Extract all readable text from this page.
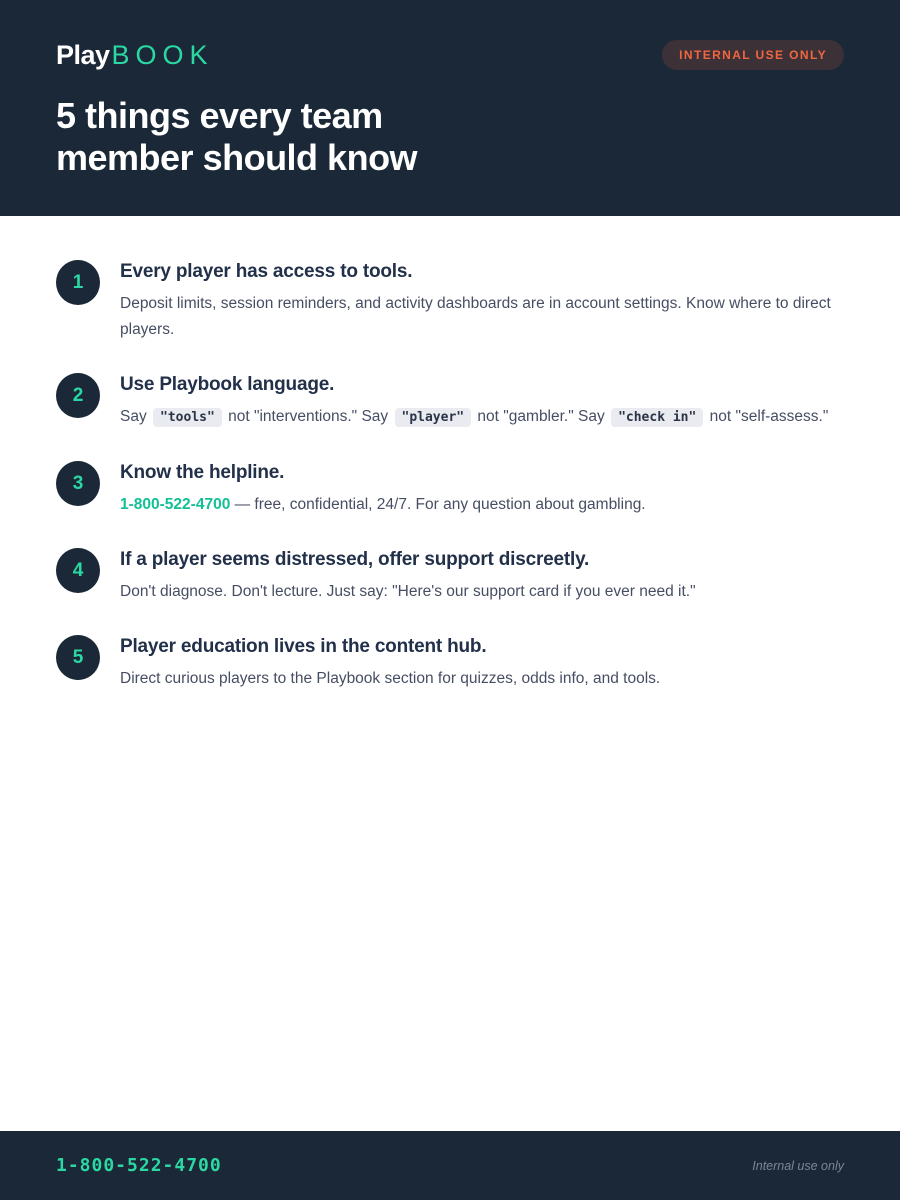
PlayBOOK	INTERNAL USE ONLY
5 things every team member should know
1 Every player has access to tools.
Deposit limits, session reminders, and activity dashboards are in account settings. Know where to direct players.
2 Use Playbook language.
Say "tools" not "interventions." Say "player" not "gambler." Say "check in" not "self-assess."
3 Know the helpline.
1-800-522-4700 — free, confidential, 24/7. For any question about gambling.
4 If a player seems distressed, offer support discreetly.
Don't diagnose. Don't lecture. Just say: "Here's our support card if you ever need it."
5 Player education lives in the content hub.
Direct curious players to the Playbook section for quizzes, odds info, and tools.
1-800-522-4700	Internal use only
